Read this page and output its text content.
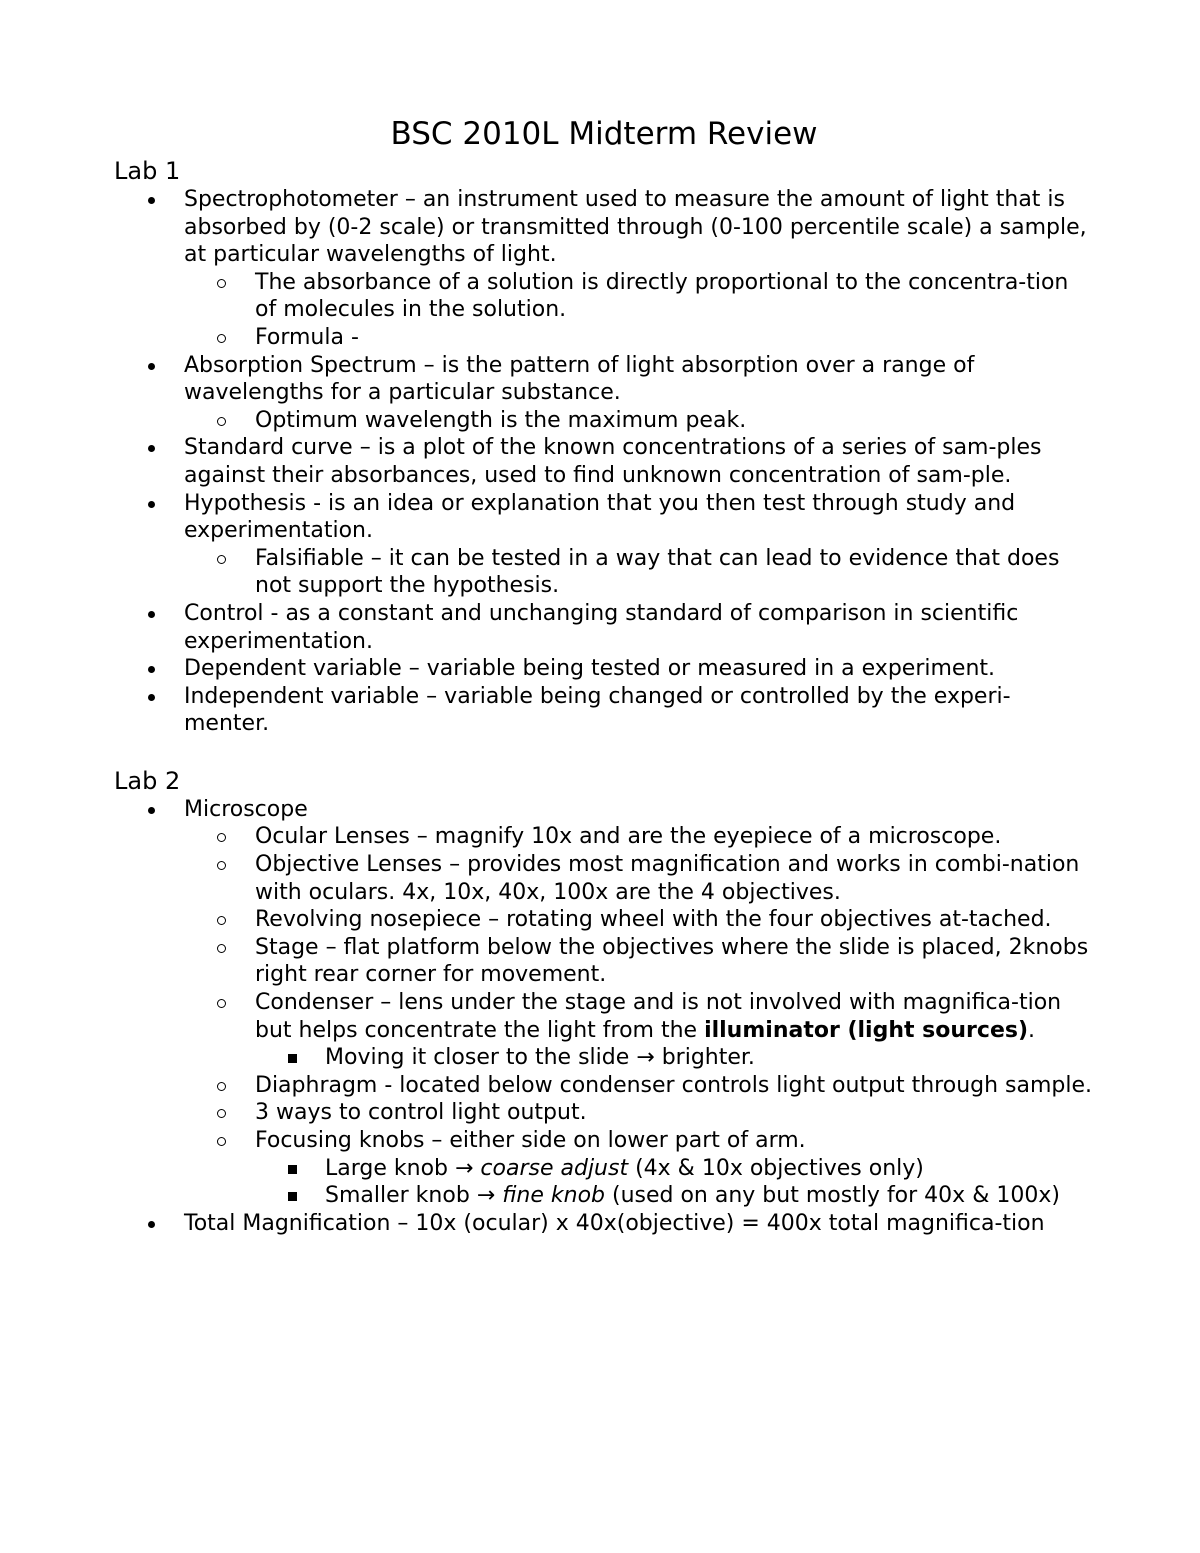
BSC 2010L Midterm Review
Lab 1
Spectrophotometer – an instrument used to measure the amount of light that is absorbed by (0-2 scale) or transmitted through (0-100 percentile scale) a sample, at particular wavelengths of light.
The absorbance of a solution is directly proportional to the concentra-tion of molecules in the solution.
Formula -
Absorption Spectrum – is the pattern of light absorption over a range of wavelengths for a particular substance.
Optimum wavelength is the maximum peak.
Standard curve – is a plot of the known concentrations of a series of sam-ples against their absorbances, used to find unknown concentration of sam-ple.
Hypothesis - is an idea or explanation that you then test through study and experimentation.
Falsifiable – it can be tested in a way that can lead to evidence that does not support the hypothesis.
Control - as a constant and unchanging standard of comparison in scientific experimentation.
Dependent variable – variable being tested or measured in a experiment.
Independent variable – variable being changed or controlled by the experi-menter.
Lab 2
Microscope
Ocular Lenses – magnify 10x and are the eyepiece of a microscope.
Objective Lenses – provides most magnification and works in combi-nation with oculars. 4x, 10x, 40x, 100x are the 4 objectives.
Revolving nosepiece – rotating wheel with the four objectives at-tached.
Stage – flat platform below the objectives where the slide is placed, 2knobs right rear corner for movement.
Condenser – lens under the stage and is not involved with magnifica-tion but helps concentrate the light from the illuminator (light sources).
Moving it closer to the slide → brighter.
Diaphragm - located below condenser controls light output through sample.
3 ways to control light output.
Focusing knobs – either side on lower part of arm.
Large knob → coarse adjust (4x & 10x objectives only)
Smaller knob → fine knob (used on any but mostly for 40x & 100x)
Total Magnification – 10x (ocular) x 40x(objective) = 400x total magnifica-tion
